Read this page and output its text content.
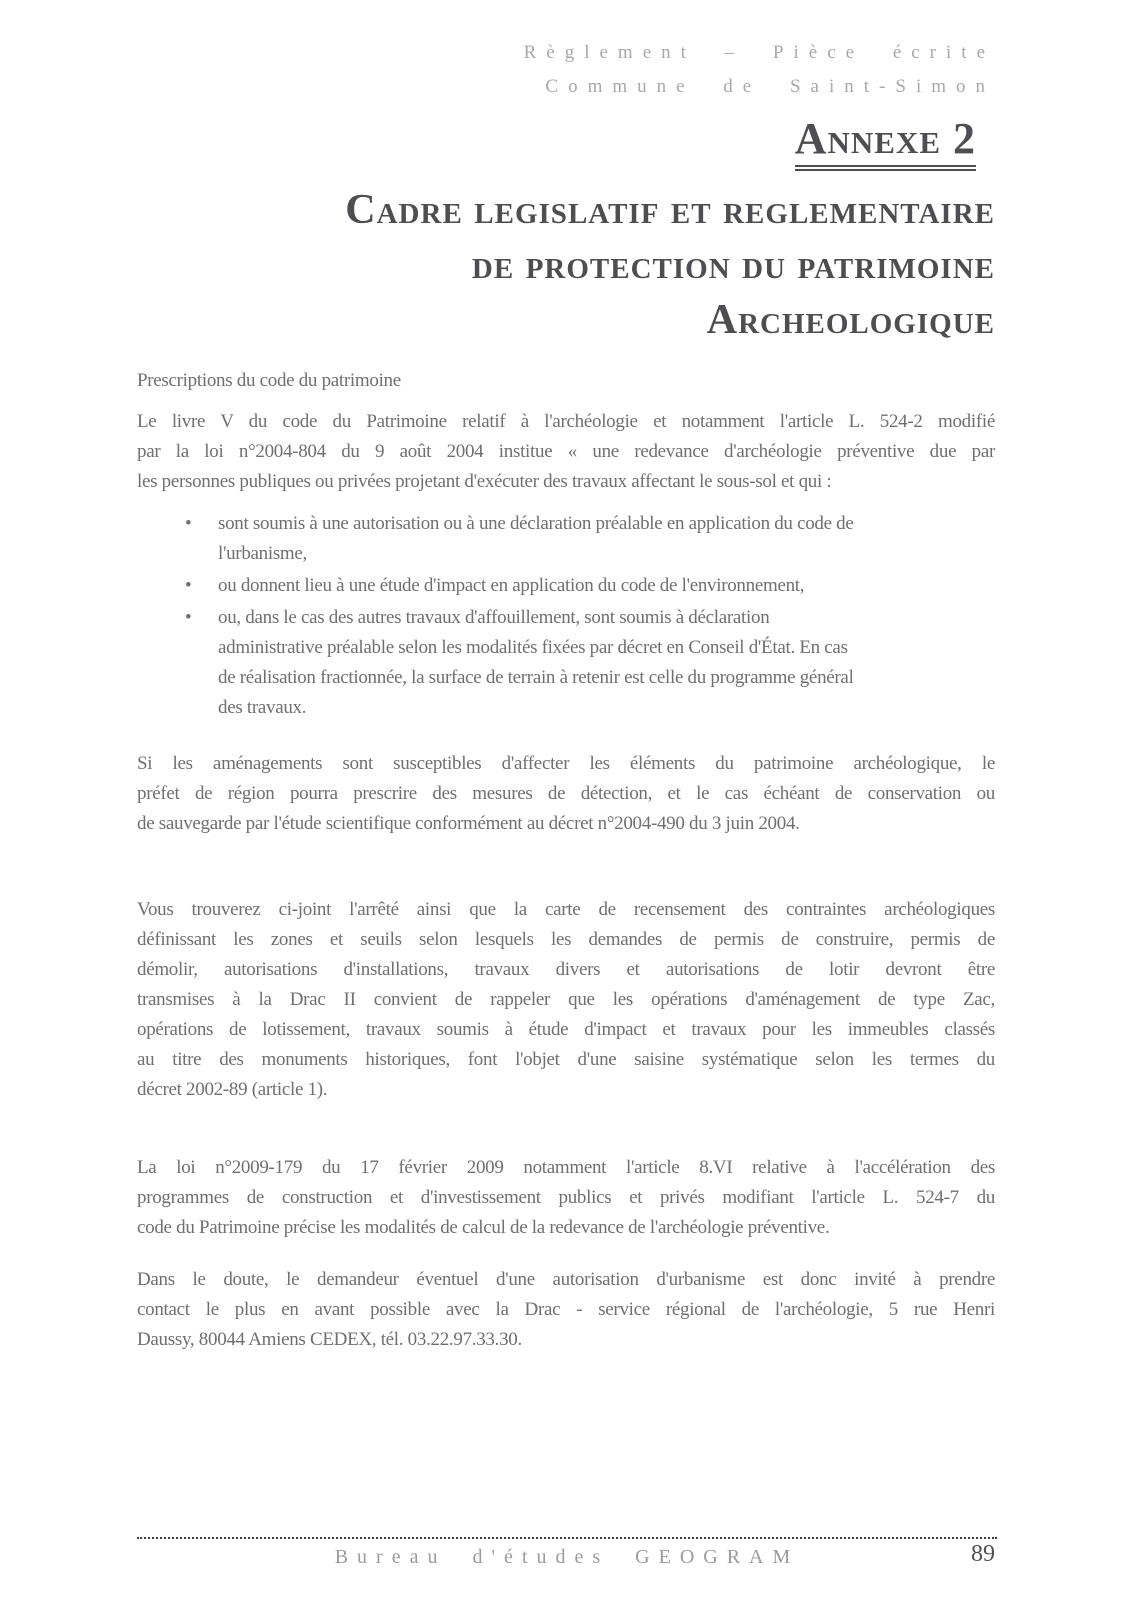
Règlement – Pièce écrite
Commune de Saint-Simon
Annexe 2
Cadre legislatif et reglementaire
de protection du patrimoine
Archeologique
Prescriptions du code du patrimoine
Le livre V du code du Patrimoine relatif à l'archéologie et notamment l'article L. 524-2 modifié
par la loi n°2004-804 du 9 août 2004 institue « une redevance d'archéologie préventive due par
les personnes publiques ou privées projetant d'exécuter des travaux affectant le sous-sol et qui :
• sont soumis à une autorisation ou à une déclaration préalable en application du code de
l'urbanisme,
• ou donnent lieu à une étude d'impact en application du code de l'environnement,
• ou, dans le cas des autres travaux d'affouillement, sont soumis à déclaration
administrative préalable selon les modalités fixées par décret en Conseil d'État. En cas
de réalisation fractionnée, la surface de terrain à retenir est celle du programme général
des travaux.
Si les aménagements sont susceptibles d'affecter les éléments du patrimoine archéologique, le
préfet de région pourra prescrire des mesures de détection, et le cas échéant de conservation ou
de sauvegarde par l'étude scientifique conformément au décret n°2004-490 du 3 juin 2004.
Vous trouverez ci-joint l'arrêté ainsi que la carte de recensement des contraintes archéologiques
définissant les zones et seuils selon lesquels les demandes de permis de construire, permis de
démolir, autorisations d'installations, travaux divers et autorisations de lotir devront être
transmises à la Drac II convient de rappeler que les opérations d'aménagement de type Zac,
opérations de lotissement, travaux soumis à étude d'impact et travaux pour les immeubles classés
au titre des monuments historiques, font l'objet d'une saisine systématique selon les termes du
décret 2002-89 (article 1).
La loi n°2009-179 du 17 février 2009 notamment l'article 8.VI relative à l'accélération des
programmes de construction et d'investissement publics et privés modifiant l'article L. 524-7 du
code du Patrimoine précise les modalités de calcul de la redevance de l'archéologie préventive.
Dans le doute, le demandeur éventuel d'une autorisation d'urbanisme est donc invité à prendre
contact le plus en avant possible avec la Drac - service régional de l'archéologie, 5 rue Henri
Daussy, 80044 Amiens CEDEX, tél. 03.22.97.33.30.
Bureau d'études GEOGRAM	89
